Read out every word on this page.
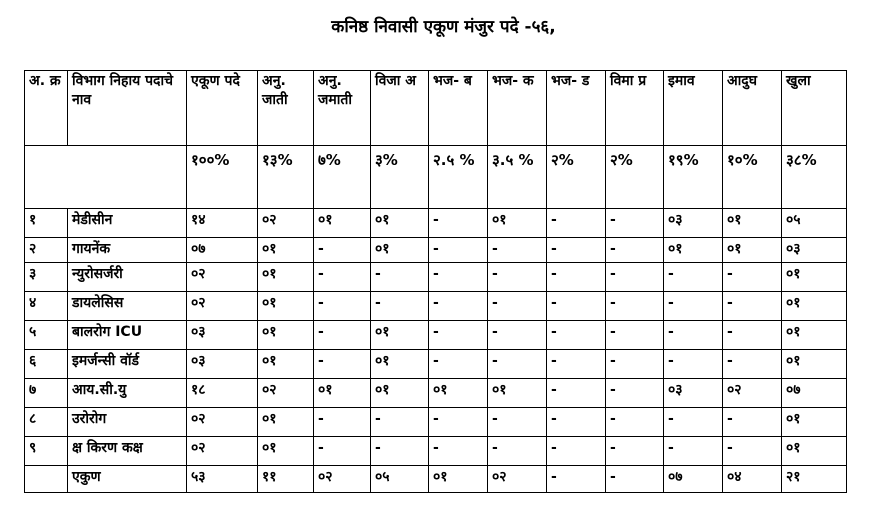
कनिष्ठ निवासी एकूण मंजुर पदे -५६,
अ. क्र	विभाग निहाय पदाचे नाव	एकूण पदे	अनु. जाती	अनु. जमाती	विजा अ	भज- ब	भज- क	भज- ड	विमा प्र	इमाव	आदुघ	खुला
		१००%	१३%	७%	३%	२.५ %	३.५ %	२%	२%	१९%	१०%	३८%
१	मेडीसीन	१४	०२	०१	०१	-	०१	-	-	०३	०१	०५
२	गायनेंक	०७	०१	-	०१	-	-	-	-	०१	०१	०३
३	न्युरोसर्जरी	०२	०१	-	-	-	-	-	-	-	-	०१
४	डायलेसिस	०२	०१	-	-	-	-	-	-	-	-	०१
५	बालरोग ICU	०३	०१	-	०१	-	-	-	-	-	-	०१
६	इमर्जन्सी वॉर्ड	०३	०१	-	०१	-	-	-	-	-	-	०१
७	आय.सी.यु	१८	०२	०१	०१	०१	०१	-	-	०३	०२	०७
८	उरोरोग	०२	०१	-	-	-	-	-	-	-	-	०१
९	क्ष किरण कक्ष	०२	०१	-	-	-	-	-	-	-	-	०१
	एकुण	५३	११	०२	०५	०१	०२	-	-	०७	०४	२१
